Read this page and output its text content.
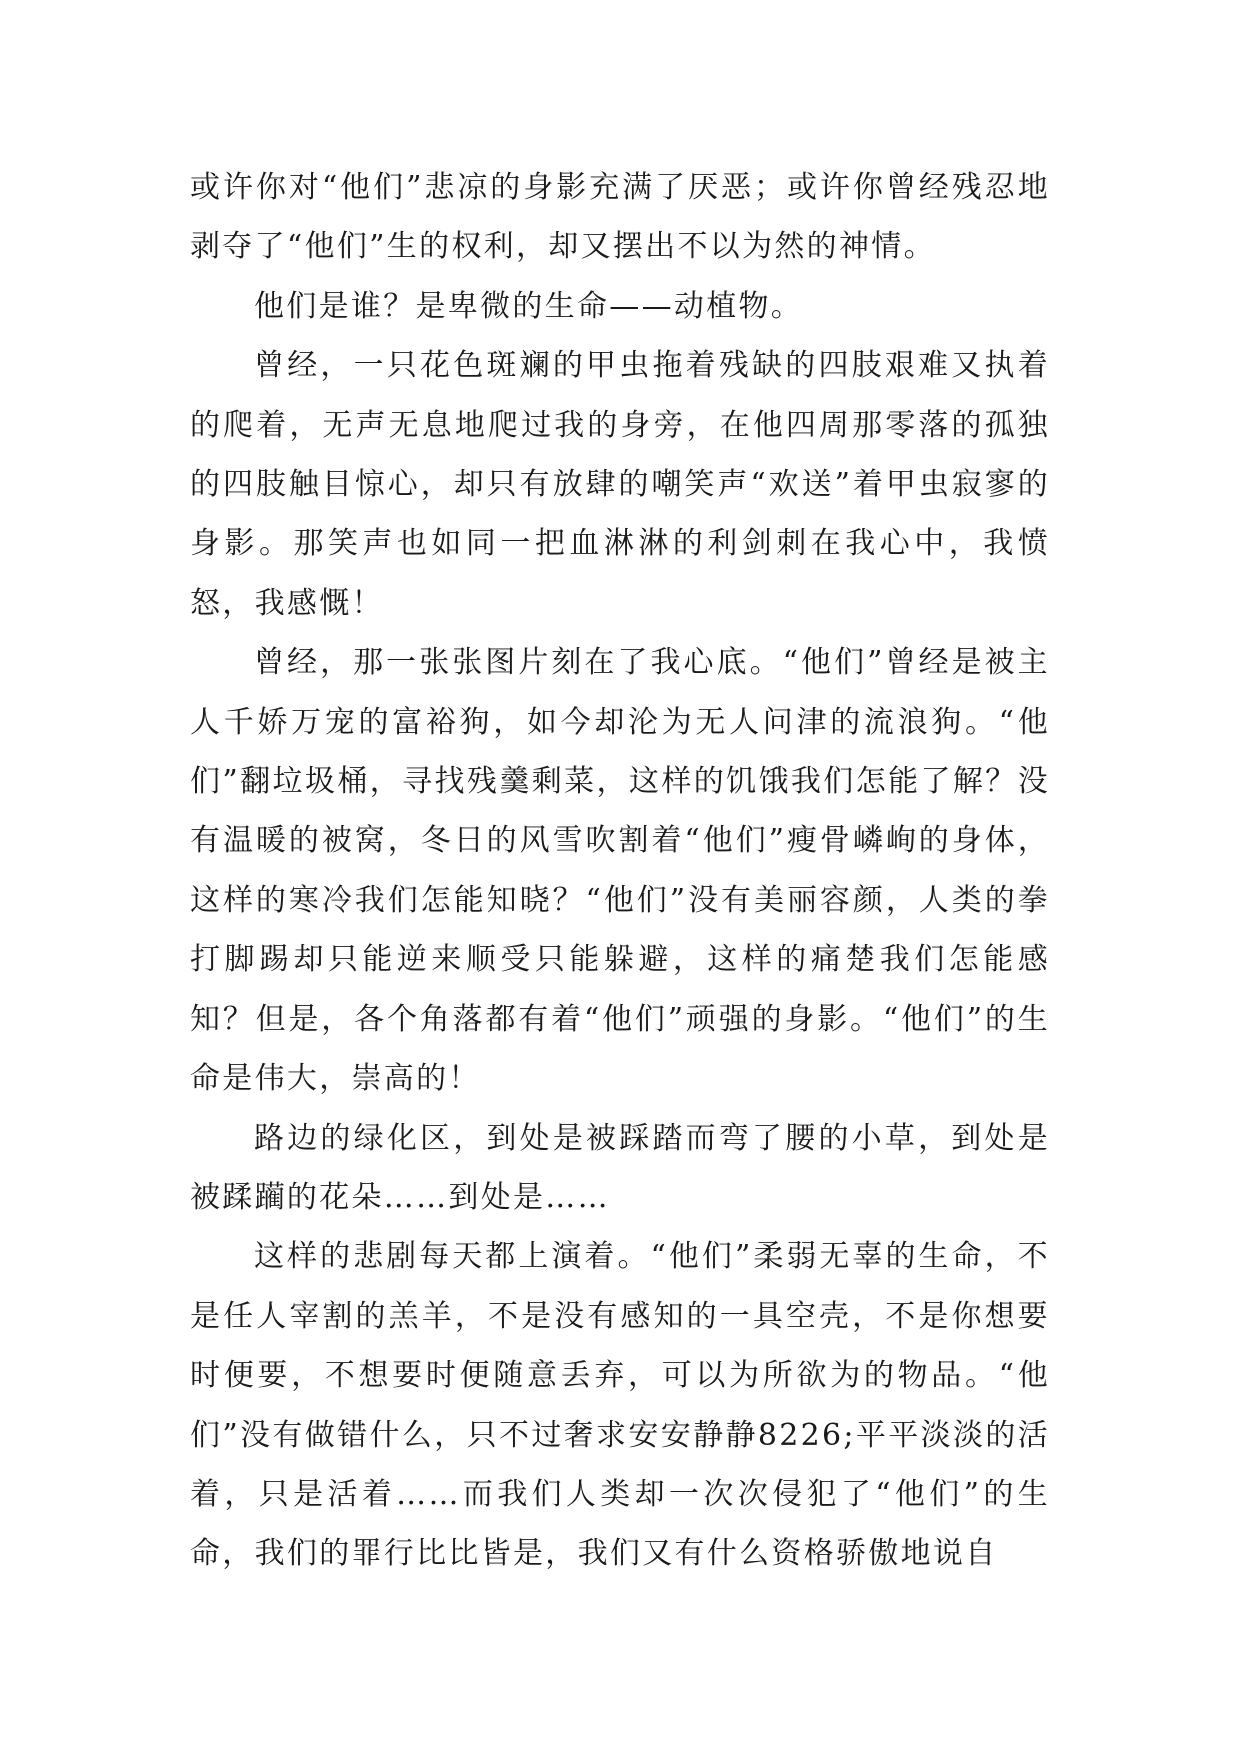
或许你对“他们”悲凉的身影充满了厌恶；或许你曾经残忍地剥夺了“他们”生的权利，却又摆出不以为然的神情。

他们是谁？是卑微的生命——动植物。

曾经，一只花色斑斓的甲虫拖着残缺的四肢艰难又执着的爬着，无声无息地爬过我的身旁，在他四周那零落的孤独的四肢触目惊心，却只有放肆的嘲笑声“欢送”着甲虫寂寥的身影。那笑声也如同一把血淋淋的利剑刺在我心中，我愤怒，我感慨！

曾经，那一张张图片刻在了我心底。“他们”曾经是被主人千娇万宠的富裕狗，如今却沦为无人问津的流浪狗。“他们”翻垃圾桶，寻找残羹剩菜，这样的饥饿我们怎能了解？没有温暖的被窝，冬日的风雪吹割着“他们”瘦骨嶙峋的身体，这样的寒冷我们怎能知晓？“他们”没有美丽容颜，人类的拳打脚踢却只能逆来顺受只能躲避，这样的痛楚我们怎能感知？但是，各个角落都有着“他们”顽强的身影。“他们”的生命是伟大，崇高的！

路边的绿化区，到处是被踩踏而弯了腰的小草，到处是被蹂躏的花朵……到处是……

这样的悲剧每天都上演着。“他们”柔弱无辜的生命，不是任人宰割的羔羊，不是没有感知的一具空壳，不是你想要时便要，不想要时便随意丢弃，可以为所欲为的物品。“他们”没有做错什么，只不过奢求安安静静8226;平平淡淡的活着，只是活着……而我们人类却一次次侵犯了“他们”的生命，我们的罪行比比皆是，我们又有什么资格骄傲地说自
